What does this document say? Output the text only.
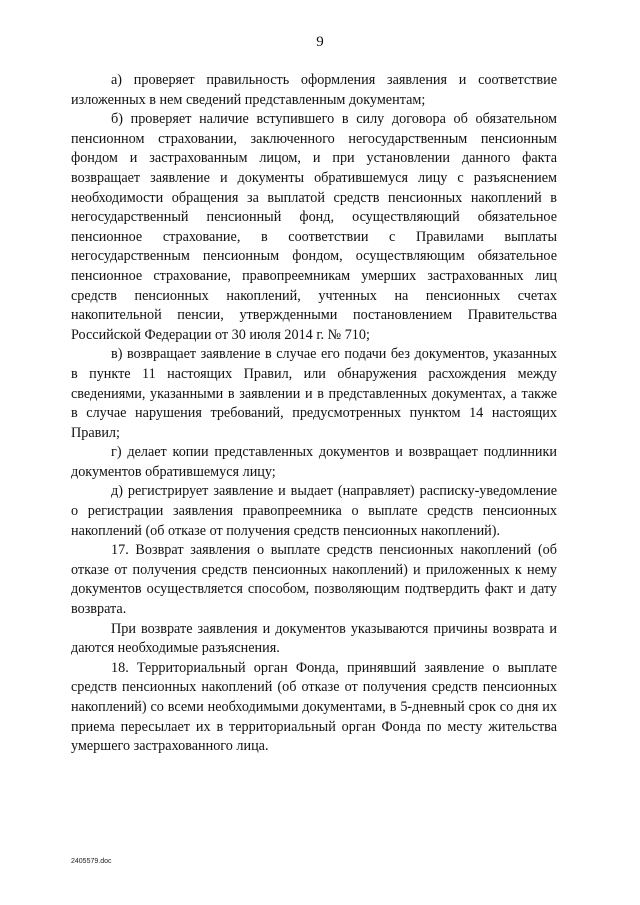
9

а) проверяет правильность оформления заявления и соответствие изложенных в нем сведений представленным документам;

б) проверяет наличие вступившего в силу договора об обязательном пенсионном страховании, заключенного негосударственным пенсионным фондом и застрахованным лицом, и при установлении данного факта возвращает заявление и документы обратившемуся лицу с разъяснением необходимости обращения за выплатой средств пенсионных накоплений в негосударственный пенсионный фонд, осуществляющий обязательное пенсионное страхование, в соответствии с Правилами выплаты негосударственным пенсионным фондом, осуществляющим обязательное пенсионное страхование, правопреемникам умерших застрахованных лиц средств пенсионных накоплений, учтенных на пенсионных счетах накопительной пенсии, утвержденными постановлением Правительства Российской Федерации от 30 июля 2014 г. № 710;

в) возвращает заявление в случае его подачи без документов, указанных в пункте 11 настоящих Правил, или обнаружения расхождения между сведениями, указанными в заявлении и в представленных документах, а также в случае нарушения требований, предусмотренных пунктом 14 настоящих Правил;

г) делает копии представленных документов и возвращает подлинники документов обратившемуся лицу;

д) регистрирует заявление и выдает (направляет) расписку-уведомление о регистрации заявления правопреемника о выплате средств пенсионных накоплений (об отказе от получения средств пенсионных накоплений).

17. Возврат заявления о выплате средств пенсионных накоплений (об отказе от получения средств пенсионных накоплений) и приложенных к нему документов осуществляется способом, позволяющим подтвердить факт и дату возврата.

При возврате заявления и документов указываются причины возврата и даются необходимые разъяснения.

18. Территориальный орган Фонда, принявший заявление о выплате средств пенсионных накоплений (об отказе от получения средств пенсионных накоплений) со всеми необходимыми документами, в 5-дневный срок со дня их приема пересылает их в территориальный орган Фонда по месту жительства умершего застрахованного лица.

2405579.doc
